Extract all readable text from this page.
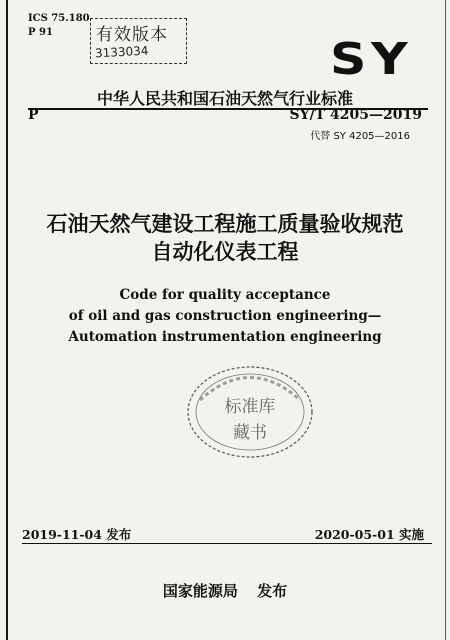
ICS 75.180
P 91	有效版本
3133034	SY
中华人民共和国石油天然气行业标准
P	SY/T 4205—2019
代替 SY 4205—2016
石油天然气建设工程施工质量验收规范
自动化仪表工程
Code for quality acceptance
of oil and gas construction engineering—
Automation instrumentation engineering
标准库
藏书
2019-11-04 发布	2020-05-01 实施
国家能源局 发布
